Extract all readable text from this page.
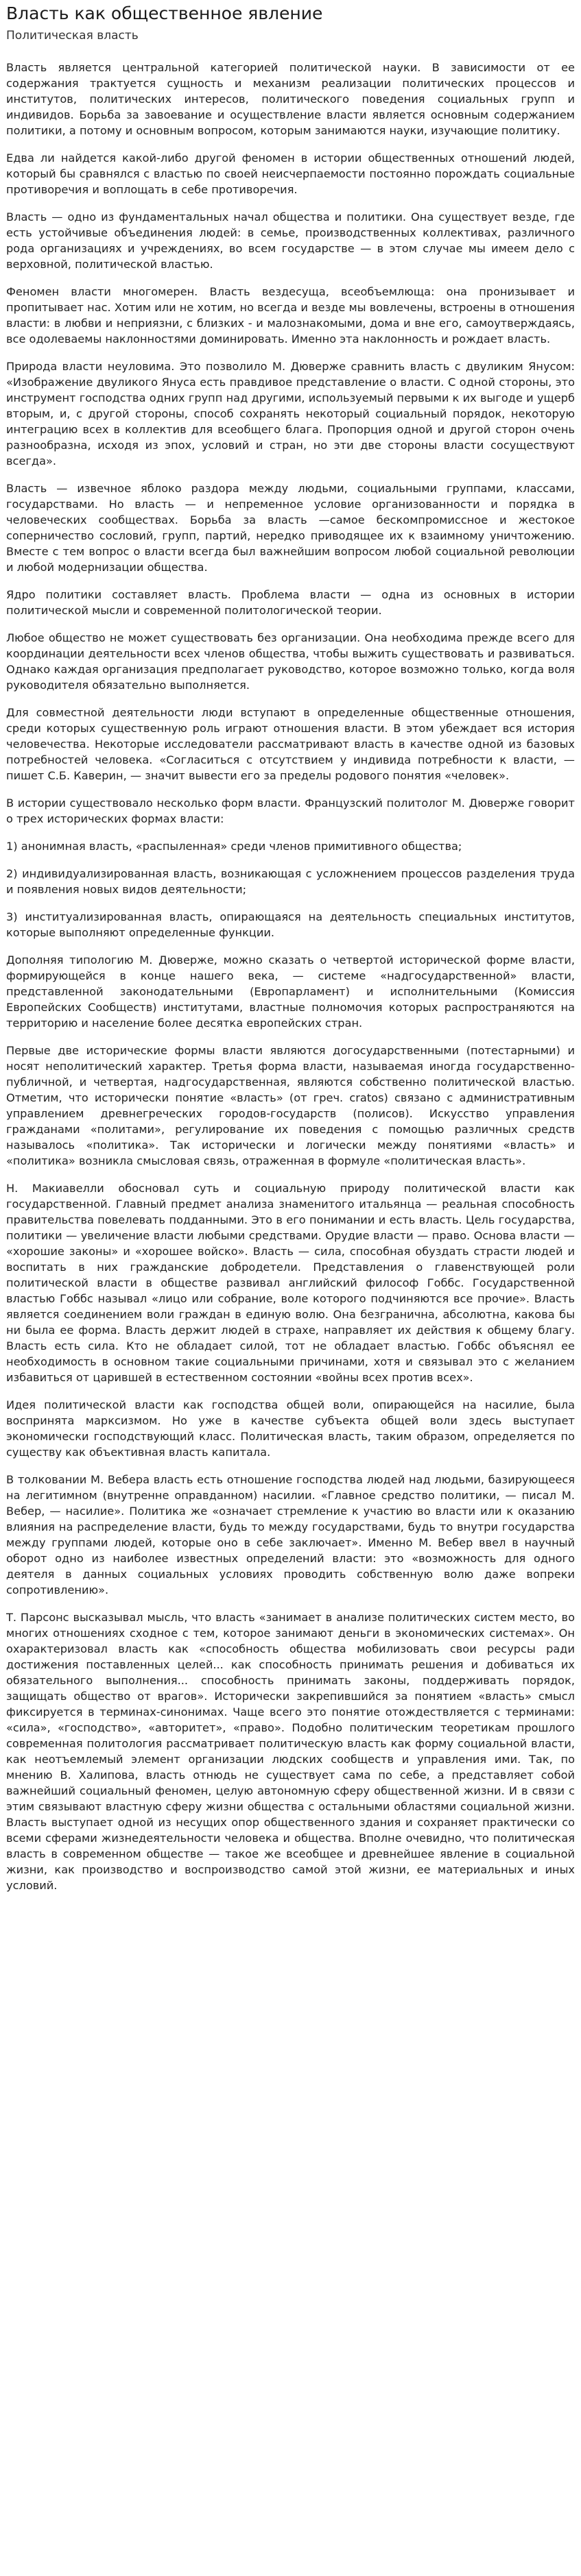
Власть как общественное явление
Политическая власть

Власть является центральной категорией политической науки. В зависимости от ее содержания трактуется сущность и механизм реализации политических процессов и институтов, политических интересов, политического поведения социальных групп и индивидов. Борьба за завоевание и осуществление власти является основным содержанием политики, а потому и основным вопросом, которым занимаются науки, изучающие политику.

Едва ли найдется какой-либо другой феномен в истории общественных отношений людей, который бы сравнялся с властью по своей неисчерпаемости постоянно порождать социальные противоречия и воплощать в себе противоречия.

Власть — одно из фундаментальных начал общества и политики. Она существует везде, где есть устойчивые объединения людей: в семье, производственных коллективах, различного рода организациях и учреждениях, во всем государстве — в этом случае мы имеем дело с верховной, политической властью.

Феномен власти многомерен. Власть вездесуща, всеобъемлюща: она пронизывает и пропитывает нас. Хотим или не хотим, но всегда и везде мы вовлечены, встроены в отношения власти: в любви и неприязни, с близких - и малознакомыми, дома и вне его, самоутверждаясь, все одолеваемы наклонностями доминировать. Именно эта наклонность и рождает власть.

Природа власти неуловима. Это позволило М. Дюверже сравнить власть с двуликим Янусом: «Изображение двуликого Януса есть правдивое представление о власти. С одной стороны, это инструмент господства одних групп над другими, используемый первыми к их выгоде и ущерб вторым, и, с другой стороны, способ сохранять некоторый социальный порядок, некоторую интеграцию всех в коллектив для всеобщего блага. Пропорция одной и другой сторон очень разнообразна, исходя из эпох, условий и стран, но эти две стороны власти сосуществуют всегда».

Власть — извечное яблоко раздора между людьми, социальными группами, классами, государствами. Но власть — и непременное условие организованности и порядка в человеческих сообществах. Борьба за власть —самое бескомпромиссное и жестокое соперничество сословий, групп, партий, нередко приводящее их к взаимному уничтожению. Вместе с тем вопрос о власти всегда был важнейшим вопросом любой социальной революции и любой модернизации общества.

Ядро политики составляет власть. Проблема власти — одна из основных в истории политической мысли и современной политологической теории.

Любое общество не может существовать без организации. Она необходима прежде всего для координации деятельности всех членов общества, чтобы выжить существовать и развиваться. Однако каждая организация предполагает руководство, которое возможно только, когда воля руководителя обязательно выполняется.

Для совместной деятельности люди вступают в определенные общественные отношения, среди которых существенную роль играют отношения власти. В этом убеждает вся история человечества. Некоторые исследователи рассматривают власть в качестве одной из базовых потребностей человека. «Согласиться с отсутствием у индивида потребности к власти, — пишет С.Б. Каверин, — значит вывести его за пределы родового понятия «человек».

В истории существовало несколько форм власти. Французский политолог М. Дюверже говорит о трех исторических формах власти:

1) анонимная власть, «распыленная» среди членов примитивного общества;

2) индивидуализированная власть, возникающая с усложнением процессов разделения труда и появления новых видов деятельности;

3) институализированная власть, опирающаяся на деятельность специальных институтов, которые выполняют определенные функции.

Дополняя типологию М. Дюверже, можно сказать о четвертой исторической форме власти, формирующейся в конце нашего века, — системе «надгосударственной» власти, представленной законодательными (Европарламент) и исполнительными (Комиссия Европейских Сообществ) институтами, властные полномочия которых распространяются на территорию и население более десятка европейских стран.

Первые две исторические формы власти являются догосударственными (потестарными) и носят неполитический характер. Третья форма власти, называемая иногда государственно-публичной, и четвертая, надгосударственная, являются собственно политической властью. Отметим, что исторически понятие «власть» (от греч. cratos) связано с административным управлением древнегреческих городов-государств (полисов). Искусство управления гражданами «политами», регулирование их поведения с помощью различных средств называлось «политика». Так исторически и логически между понятиями «власть» и «политика» возникла смысловая связь, отраженная в формуле «политическая власть».

Н. Макиавелли обосновал суть и социальную природу политической власти как государственной. Главный предмет анализа знаменитого итальянца — реальная способность правительства повелевать подданными. Это в его понимании и есть власть. Цель государства, политики — увеличение власти любыми средствами. Орудие власти — право. Основа власти — «хорошие законы» и «хорошее войско». Власть — сила, способная обуздать страсти людей и воспитать в них гражданские добродетели. Представления о главенствующей роли политической власти в обществе развивал английский философ Гоббс. Государственной властью Гоббс называл «лицо или собрание, воле которого подчиняются все прочие». Власть является соединением воли граждан в единую волю. Она безгранична, абсолютна, какова бы ни была ее форма. Власть держит людей в страхе, направляет их действия к общему благу. Власть есть сила. Кто не обладает силой, тот не обладает властью. Гоббс объяснял ее необходимость в основном такие социальными причинами, хотя и связывал это с желанием избавиться от царившей в естественном состоянии «войны всех против всех».

Идея политической власти как господства общей воли, опирающейся на насилие, была воспринята марксизмом. Но уже в качестве субъекта общей воли здесь выступает экономически господствующий класс. Политическая власть, таким образом, определяется по существу как объективная власть капитала.

В толковании М. Вебера власть есть отношение господства людей над людьми, базирующееся на легитимном (внутренне оправданном) насилии. «Главное средство политики, — писал М. Вебер, — насилие». Политика же «означает стремление к участию во власти или к оказанию влияния на распределение власти, будь то между государствами, будь то внутри государства между группами людей, которые оно в себе заключает». Именно М. Вебер ввел в научный оборот одно из наиболее известных определений власти: это «возможность для одного деятеля в данных социальных условиях проводить собственную волю даже вопреки сопротивлению».

Т. Парсонс высказывал мысль, что власть «занимает в анализе политических систем место, во многих отношениях сходное с тем, которое занимают деньги в экономических системах». Он охарактеризовал власть как «способность общества мобилизовать свои ресурсы ради достижения поставленных целей... как способность принимать решения и добиваться их обязательного выполнения... способность принимать законы, поддерживать порядок, защищать общество от врагов». Исторически закрепившийся за понятием «власть» смысл фиксируется в терминах-синонимах. Чаще всего это понятие отождествляется с терминами: «сила», «господство», «авторитет», «право». Подобно политическим теоретикам прошлого современная политология рассматривает политическую власть как форму социальной власти, как неотъемлемый элемент организации людских сообществ и управления ими. Так, по мнению В. Халипова, власть отнюдь не существует сама по себе, а представляет собой важнейший социальный феномен, целую автономную сферу общественной жизни. И в связи с этим связывают властную сферу жизни общества с остальными областями социальной жизни. Власть выступает одной из несущих опор общественного здания и сохраняет практически со всеми сферами жизнедеятельности человека и общества. Вполне очевидно, что политическая власть в современном обществе — такое же всеобщее и древнейшее явление в социальной жизни, как производство и воспроизводство самой этой жизни, ее материальных и иных условий.
